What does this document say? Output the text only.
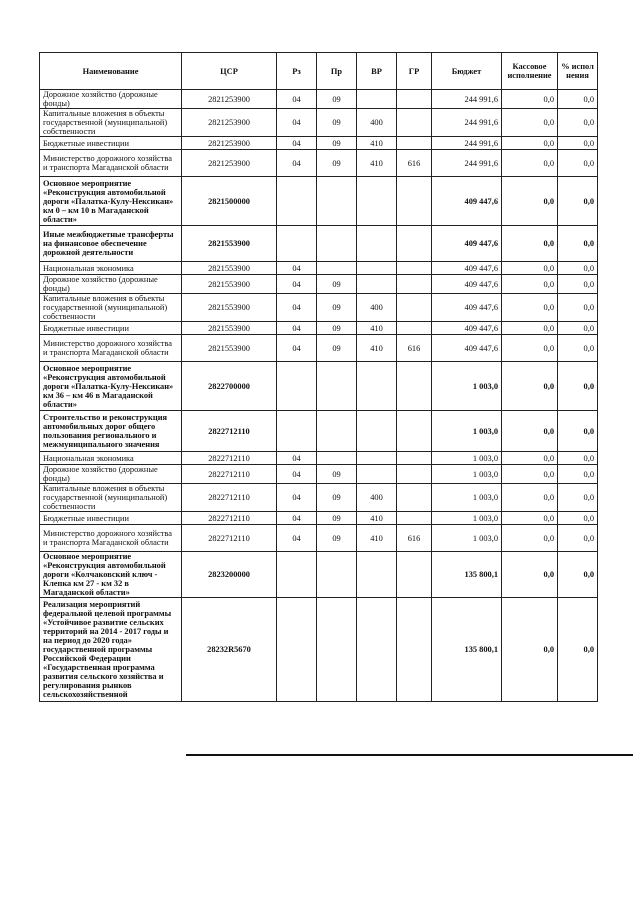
Наименование	ЦСР	Рз	Пр	ВР	ГР	Бюджет	Кассовое исполнение	% испол нения
Дорожное хозяйство (дорожные фонды)	2821253900	04	09			244 991,6	0,0	0,0
Капитальные вложения в объекты государственной (муниципальной) собственности	2821253900	04	09	400		244 991,6	0,0	0,0
Бюджетные инвестиции	2821253900	04	09	410		244 991,6	0,0	0,0
Министерство дорожного хозяйства и транспорта Магаданской области	2821253900	04	09	410	616	244 991,6	0,0	0,0
Основное мероприятие «Реконструкция автомобильной дороги «Палатка-Кулу-Нексикан» км 0 – км 10 в Магаданской области»	2821500000					409 447,6	0,0	0,0
Иные межбюджетные трансферты на финансовое обеспечение дорожной деятельности	2821553900					409 447,6	0,0	0,0
Национальная экономика	2821553900	04				409 447,6	0,0	0,0
Дорожное хозяйство (дорожные фонды)	2821553900	04	09			409 447,6	0,0	0,0
Капитальные вложения в объекты государственной (муниципальной) собственности	2821553900	04	09	400		409 447,6	0,0	0,0
Бюджетные инвестиции	2821553900	04	09	410		409 447,6	0,0	0,0
Министерство дорожного хозяйства и транспорта Магаданской области	2821553900	04	09	410	616	409 447,6	0,0	0,0
Основное мероприятие «Реконструкция автомобильной дороги «Палатка-Кулу-Нексикан» км 36 – км 46 в Магаданской области»	2822700000					1 003,0	0,0	0,0
Строительство и реконструкция автомобильных дорог общего пользования регионального и межмуниципального значения	2822712110					1 003,0	0,0	0,0
Национальная экономика	2822712110	04				1 003,0	0,0	0,0
Дорожное хозяйство (дорожные фонды)	2822712110	04	09			1 003,0	0,0	0,0
Капитальные вложения в объекты государственной (муниципальной) собственности	2822712110	04	09	400		1 003,0	0,0	0,0
Бюджетные инвестиции	2822712110	04	09	410		1 003,0	0,0	0,0
Министерство дорожного хозяйства и транспорта Магаданской области	2822712110	04	09	410	616	1 003,0	0,0	0,0
Основное мероприятие «Реконструкция автомобильной дороги «Колчаковский ключ - Клепка км 27 - км 32 в Магаданской области»	2823200000					135 800,1	0,0	0,0
Реализация мероприятий федеральной целевой программы «Устойчивое развитие сельских территорий на 2014 - 2017 годы и на период до 2020 года» государственной программы Российской Федерации «Государственная программа развития сельского хозяйства и регулирования рынков сельскохозяйственной	28232R5670					135 800,1	0,0	0,0
